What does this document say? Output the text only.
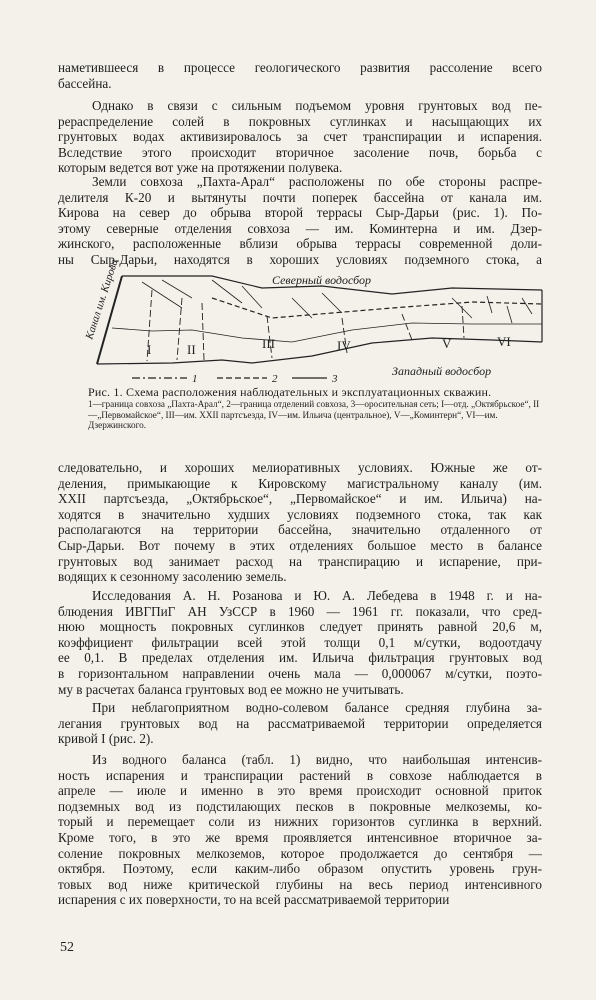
наметившееся в процессе геологического развития рассоление всего
бассейна.

Однако в связи с сильным подъемом уровня грунтовых вод пе-
рераспределение солей в покровных суглинках и насыщающих их
грунтовых водах активизировалось за счет транспирации и испарения.
Вследствие этого происходит вторичное засоление почв, борьба с
которым ведется вот уже на протяжении полувека.

Земли совхоза „Пахта-Арал“ расположены по обе стороны распре-
делителя К-20 и вытянуты почти поперек бассейна от канала им.
Кирова на север до обрыва второй террасы Сыр-Дарьи (рис. 1). По-
этому северные отделения совхоза — им. Коминтерна и им. Дзер-
жинского, расположенные вблизи обрыва террасы современной доли-
ны Сыр-Дарьи, находятся в хороших условиях подземного стока, а

Канал им. Кирова	Северный водосбор
Западный водосбор
I	II	III	IV	V	VI
1	2	3
Рис. 1. Схема расположения наблюдательных и эксплуатационных скважин.
1—граница совхоза „Пахта-Арал“, 2—граница отделений совхоза, 3—оросительная сеть; I—отд. „Октябрьское“, II—„Первомайское“, III—им. XXII партсъезда, IV—им. Ильича (центральное), V—„Коминтерн“, VI—им. Дзержинского.

следовательно, и хороших мелиоративных условиях. Южные же от-
деления, примыкающие к Кировскому магистральному каналу (им.
XXII партсъезда, „Октябрьское“, „Первомайское“ и им. Ильича) на-
ходятся в значительно худших условиях подземного стока, так как
располагаются на территории бассейна, значительно отдаленного от
Сыр-Дарьи. Вот почему в этих отделениях большое место в балансе
грунтовых вод занимает расход на транспирацию и испарение, при-
водящих к сезонному засолению земель.

Исследования А. Н. Розанова и Ю. А. Лебедева в 1948 г. и на-
блюдения ИВГПиГ АН УзССР в 1960 — 1961 гг. показали, что сред-
нюю мощность покровных суглинков следует принять равной 20,6 м,
коэффициент фильтрации всей этой толщи 0,1 м/сутки, водоотдачу
ее 0,1. В пределах отделения им. Ильича фильтрация грунтовых вод
в горизонтальном направлении очень мала — 0,000067 м/сутки, поэто-
му в расчетах баланса грунтовых вод ее можно не учитывать.

При неблагоприятном водно-солевом балансе средняя глубина за-
легания грунтовых вод на рассматриваемой территории определяется
кривой I (рис. 2).

Из водного баланса (табл. 1) видно, что наибольшая интенсив-
ность испарения и транспирации растений в совхозе наблюдается в
апреле — июле и именно в это время происходит основной приток
подземных вод из подстилающих песков в покровные мелкоземы, ко-
торый и перемещает соли из нижних горизонтов суглинка в верхний.
Кроме того, в это же время проявляется интенсивное вторичное за-
соление покровных мелкоземов, которое продолжается до сентября —
октября. Поэтому, если каким-либо образом опустить уровень грун-
товых вод ниже критической глубины на весь период интенсивного
испарения с их поверхности, то на всей рассматриваемой территории

52
